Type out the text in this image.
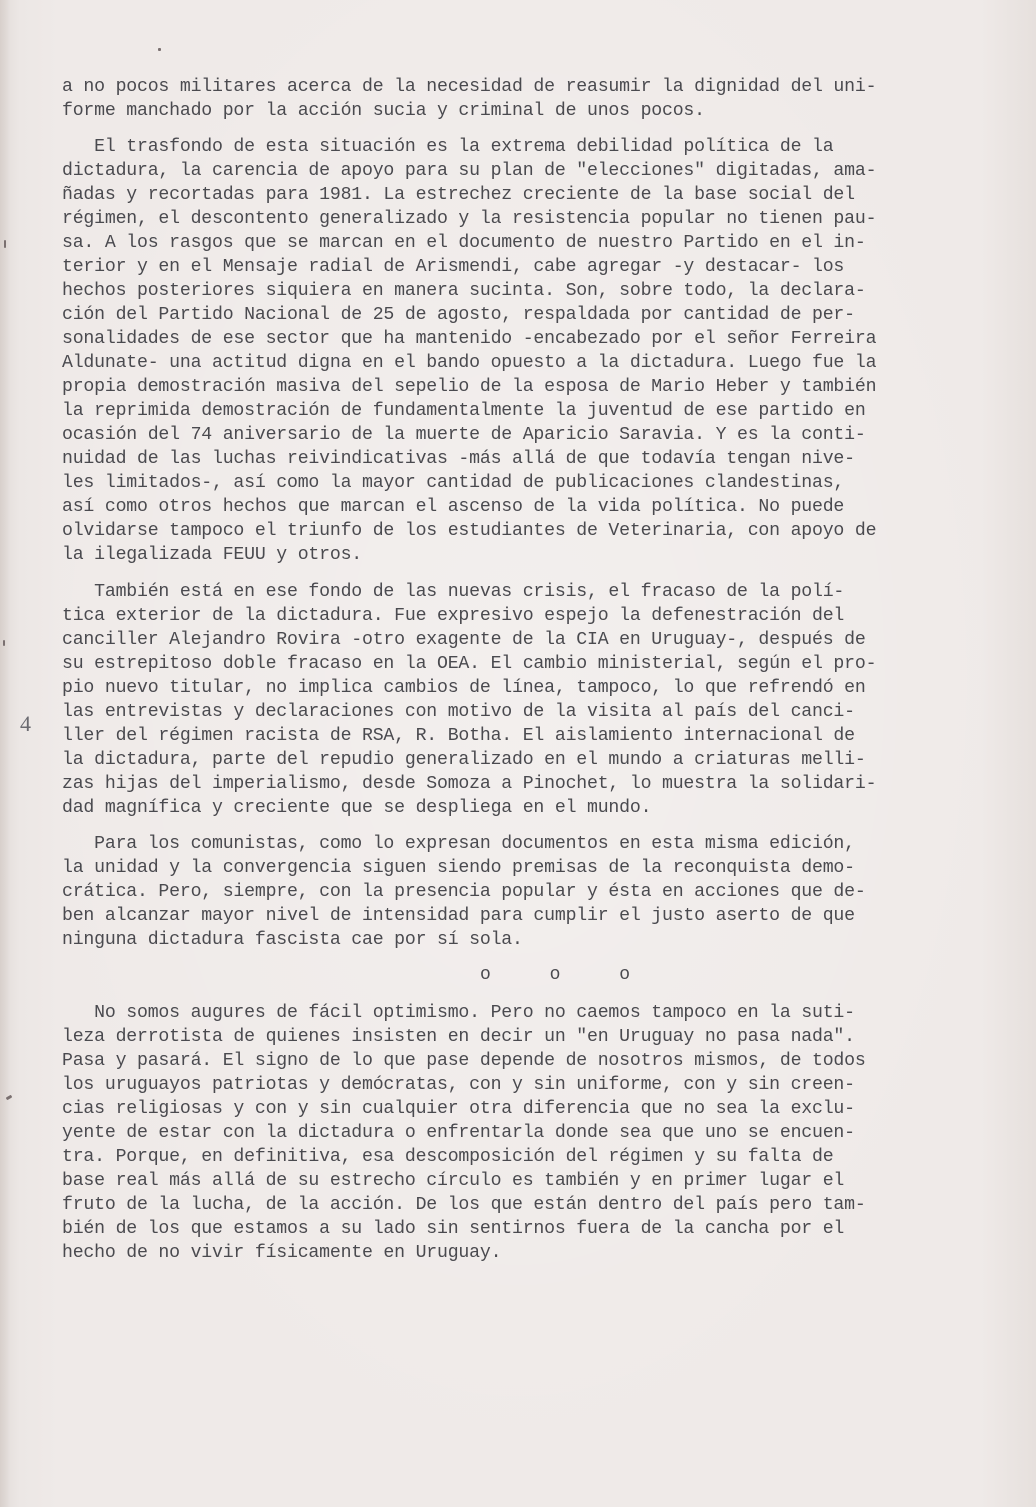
4
a no pocos militares acerca de la necesidad de reasumir la dignidad del uni-
forme manchado por la acción sucia y criminal de unos pocos.
El trasfondo de esta situación es la extrema debilidad política de la
dictadura, la carencia de apoyo para su plan de "elecciones" digitadas, ama-
ñadas y recortadas para 1981. La estrechez creciente de la base social del
régimen, el descontento generalizado y la resistencia popular no tienen pau-
sa. A los rasgos que se marcan en el documento de nuestro Partido en el in-
terior y en el Mensaje radial de Arismendi, cabe agregar -y destacar- los
hechos posteriores siquiera en manera sucinta. Son, sobre todo, la declara-
ción del Partido Nacional de 25 de agosto, respaldada por cantidad de per-
sonalidades de ese sector que ha mantenido -encabezado por el señor Ferreira
Aldunate- una actitud digna en el bando opuesto a la dictadura. Luego fue la
propia demostración masiva del sepelio de la esposa de Mario Heber y también
la reprimida demostración de fundamentalmente la juventud de ese partido en
ocasión del 74 aniversario de la muerte de Aparicio Saravia. Y es la conti-
nuidad de las luchas reivindicativas -más allá de que todavía tengan nive-
les limitados-, así como la mayor cantidad de publicaciones clandestinas,
así como otros hechos que marcan el ascenso de la vida política. No puede
olvidarse tampoco el triunfo de los estudiantes de Veterinaria, con apoyo de
la ilegalizada FEUU y otros.
También está en ese fondo de las nuevas crisis, el fracaso de la polí-
tica exterior de la dictadura. Fue expresivo espejo la defenestración del
canciller Alejandro Rovira -otro exagente de la CIA en Uruguay-, después de
su estrepitoso doble fracaso en la OEA. El cambio ministerial, según el pro-
pio nuevo titular, no implica cambios de línea, tampoco, lo que refrendó en
las entrevistas y declaraciones con motivo de la visita al país del canci-
ller del régimen racista de RSA, R. Botha. El aislamiento internacional de
la dictadura, parte del repudio generalizado en el mundo a criaturas melli-
zas hijas del imperialismo, desde Somoza a Pinochet, lo muestra la solidari-
dad magnífica y creciente que se despliega en el mundo.
Para los comunistas, como lo expresan documentos en esta misma edición,
la unidad y la convergencia siguen siendo premisas de la reconquista demo-
crática. Pero, siempre, con la presencia popular y ésta en acciones que de-
ben alcanzar mayor nivel de intensidad para cumplir el justo aserto de que
ninguna dictadura fascista cae por sí sola.
o o o
No somos augures de fácil optimismo. Pero no caemos tampoco en la suti-
leza derrotista de quienes insisten en decir un "en Uruguay no pasa nada".
Pasa y pasará. El signo de lo que pase depende de nosotros mismos, de todos
los uruguayos patriotas y demócratas, con y sin uniforme, con y sin creen-
cias religiosas y con y sin cualquier otra diferencia que no sea la exclu-
yente de estar con la dictadura o enfrentarla donde sea que uno se encuen-
tra. Porque, en definitiva, esa descomposición del régimen y su falta de
base real más allá de su estrecho círculo es también y en primer lugar el
fruto de la lucha, de la acción. De los que están dentro del país pero tam-
bién de los que estamos a su lado sin sentirnos fuera de la cancha por el
hecho de no vivir físicamente en Uruguay.
